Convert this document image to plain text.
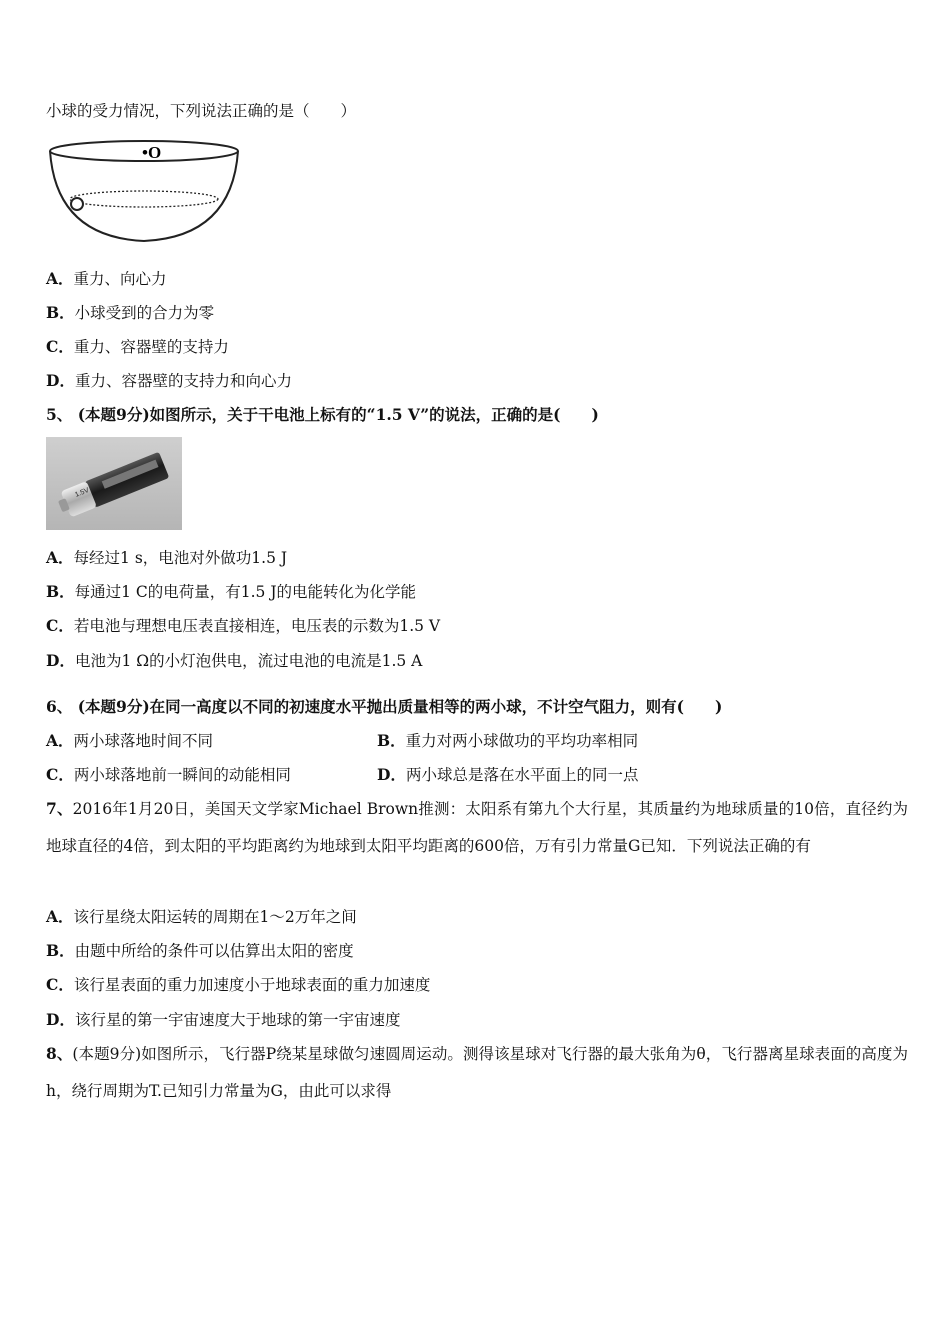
小球的受力情况，下列说法正确的是（　　）
•O
A．重力、向心力
B．小球受到的合力为零
C．重力、容器壁的支持力
D．重力、容器壁的支持力和向心力
5、 (本题9分)如图所示，关于干电池上标有的“1.5 V”的说法，正确的是(　　)
1.5V
A．每经过1 s，电池对外做功1.5 J
B．每通过1 C的电荷量，有1.5 J的电能转化为化学能
C．若电池与理想电压表直接相连，电压表的示数为1.5 V
D．电池为1 Ω的小灯泡供电，流过电池的电流是1.5 A
6、 (本题9分)在同一高度以不同的初速度水平抛出质量相等的两小球，不计空气阻力，则有(　　)
A．两小球落地时间不同	B．重力对两小球做功的平均功率相同
C．两小球落地前一瞬间的动能相同	D．两小球总是落在水平面上的同一点
7、2016年1月20日，美国天文学家Michael Brown推测：太阳系有第九个大行星，其质量约为地球质量的10倍，直径约为地球直径的4倍，到太阳的平均距离约为地球到太阳平均距离的600倍，万有引力常量G已知．下列说法正确的有
A．该行星绕太阳运转的周期在1～2万年之间
B．由题中所给的条件可以估算出太阳的密度
C．该行星表面的重力加速度小于地球表面的重力加速度
D．该行星的第一宇宙速度大于地球的第一宇宙速度
8、(本题9分)如图所示，飞行器P绕某星球做匀速圆周运动。测得该星球对飞行器的最大张角为θ，飞行器离星球表面的高度为h，绕行周期为T.已知引力常量为G，由此可以求得
